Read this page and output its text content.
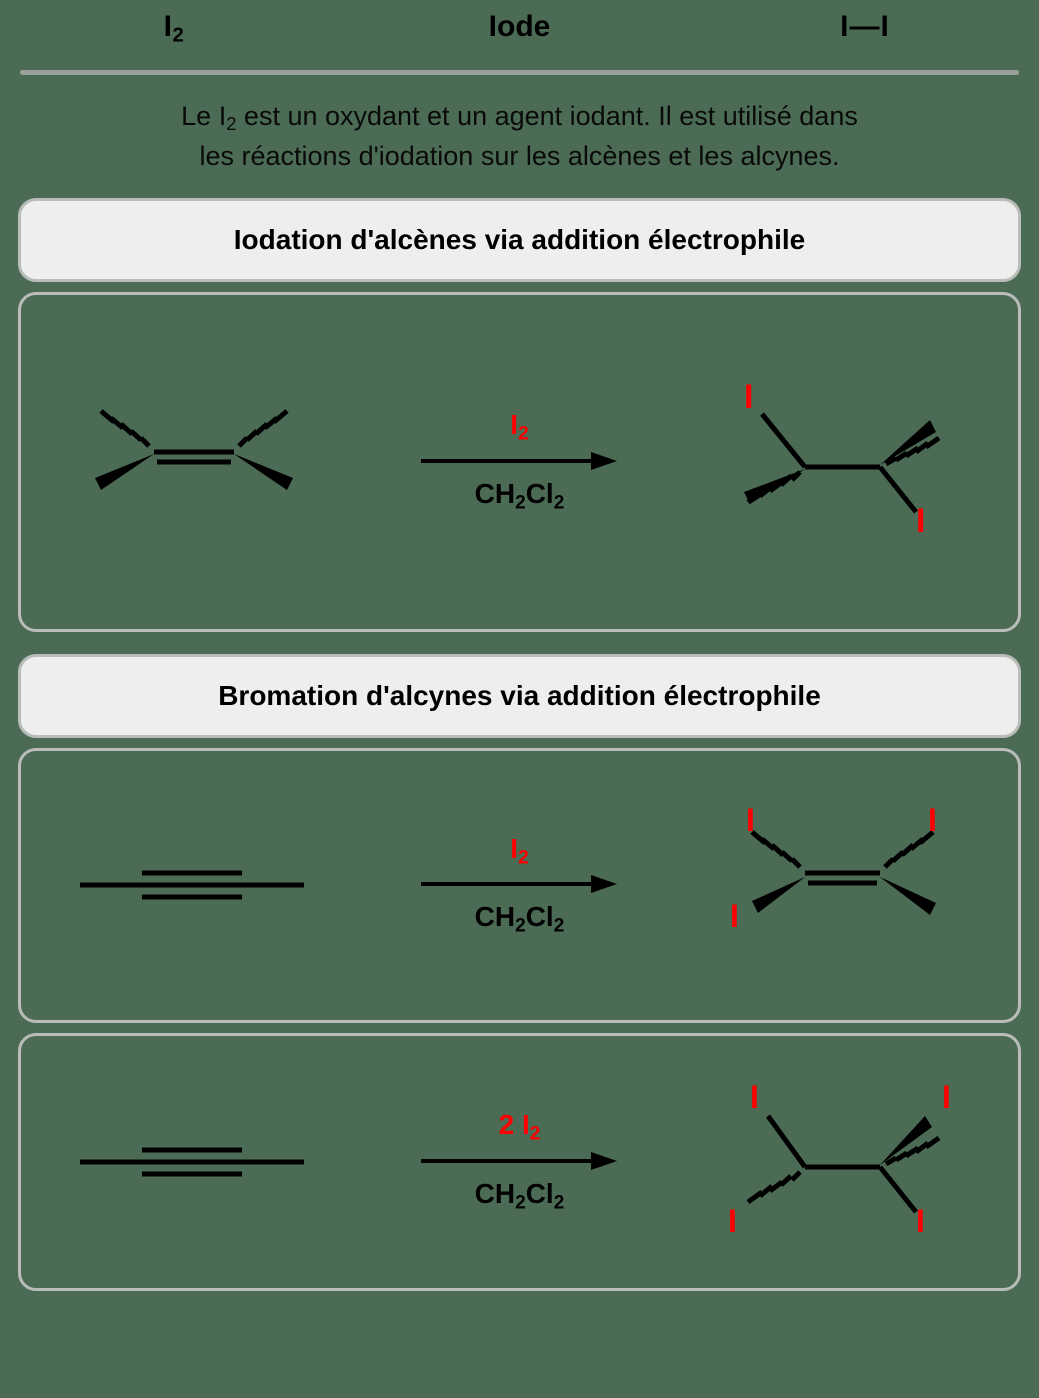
$I_2$	Iode	I—I
Le $I_2$ est un oxydant et un agent iodant. Il est utilisé dans
les réactions d'iodation sur les alcènes et les alcynes.
Iodation d'alcènes via addition électrophile
$I_2$
$CH_2Cl_2$
I
I
Bromation d'alcynes via addition électrophile
$I_2$
$CH_2Cl_2$
I
I
I
2 $I_2$
$CH_2Cl_2$
I
I	I
I
